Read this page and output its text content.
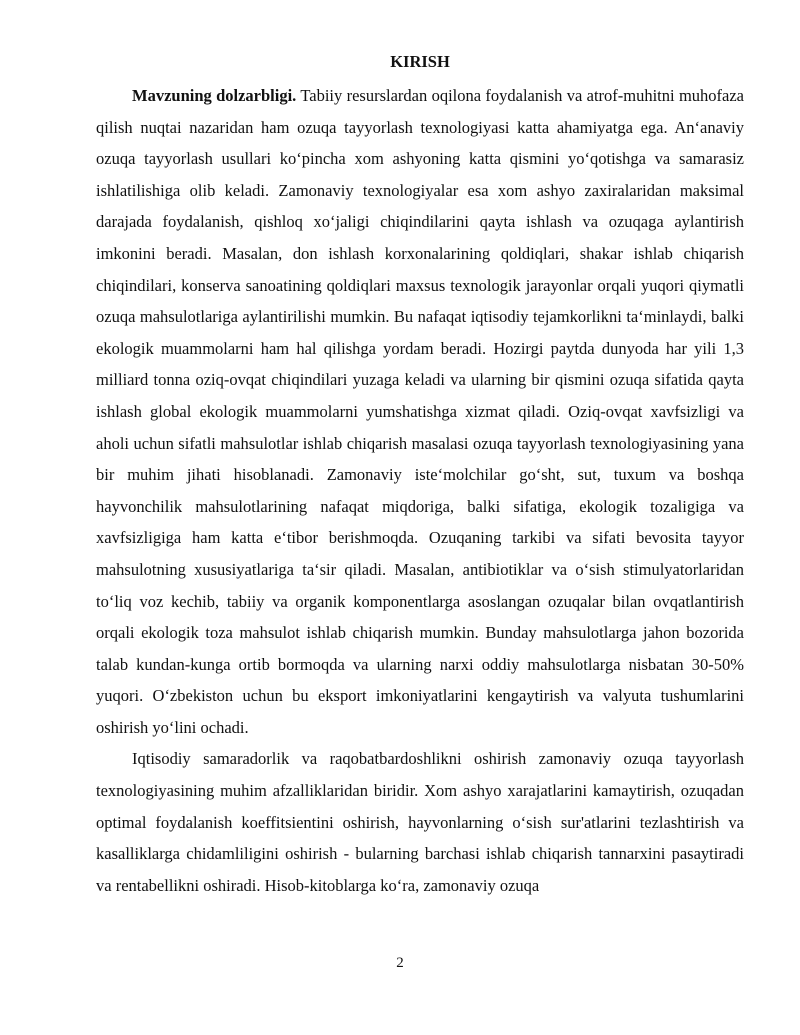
KIRISH

Mavzuning dolzarbligi. Tabiiy resurslardan oqilona foydalanish va atrof-muhitni muhofaza qilish nuqtai nazaridan ham ozuqa tayyorlash texnologiyasi katta ahamiyatga ega. An‘anaviy ozuqa tayyorlash usullari ko‘pincha xom ashyoning katta qismini yo‘qotishga va samarasiz ishlatilishiga olib keladi. Zamonaviy texnologiyalar esa xom ashyo zaxiralaridan maksimal darajada foydalanish, qishloq xo‘jaligi chiqindilarini qayta ishlash va ozuqaga aylantirish imkonini beradi. Masalan, don ishlash korxonalarining qoldiqlari, shakar ishlab chiqarish chiqindilari, konserva sanoatining qoldiqlari maxsus texnologik jarayonlar orqali yuqori qiymatli ozuqa mahsulotlariga aylantirilishi mumkin. Bu nafaqat iqtisodiy tejamkorlikni ta‘minlaydi, balki ekologik muammolarni ham hal qilishga yordam beradi. Hozirgi paytda dunyoda har yili 1,3 milliard tonna oziq-ovqat chiqindilari yuzaga keladi va ularning bir qismini ozuqa sifatida qayta ishlash global ekologik muammolarni yumshatishga xizmat qiladi. Oziq-ovqat xavfsizligi va aholi uchun sifatli mahsulotlar ishlab chiqarish masalasi ozuqa tayyorlash texnologiyasining yana bir muhim jihati hisoblanadi. Zamonaviy iste‘molchilar go‘sht, sut, tuxum va boshqa hayvonchilik mahsulotlarining nafaqat miqdoriga, balki sifatiga, ekologik tozaligiga va xavfsizligiga ham katta e‘tibor berishmoqda. Ozuqaning tarkibi va sifati bevosita tayyor mahsulotning xususiyatlariga ta‘sir qiladi. Masalan, antibiotiklar va o‘sish stimulyatorlaridan to‘liq voz kechib, tabiiy va organik komponentlarga asoslangan ozuqalar bilan ovqatlantirish orqali ekologik toza mahsulot ishlab chiqarish mumkin. Bunday mahsulotlarga jahon bozorida talab kundan-kunga ortib bormoqda va ularning narxi oddiy mahsulotlarga nisbatan 30-50% yuqori. O‘zbekiston uchun bu eksport imkoniyatlarini kengaytirish va valyuta tushumlarini oshirish yo‘lini ochadi.

Iqtisodiy samaradorlik va raqobatbardoshlikni oshirish zamonaviy ozuqa tayyorlash texnologiyasining muhim afzalliklaridan biridir. Xom ashyo xarajatlarini kamaytirish, ozuqadan optimal foydalanish koeffitsientini oshirish, hayvonlarning o‘sish sur'atlarini tezlashtirish va kasalliklarga chidamliligini oshirish - bularning barchasi ishlab chiqarish tannarxini pasaytiradi va rentabellikni oshiradi. Hisob-kitoblarga ko‘ra, zamonaviy ozuqa

2
